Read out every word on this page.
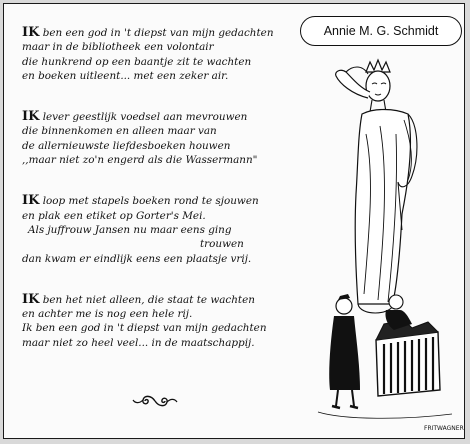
Annie M. G. Schmidt
IK ben een god in 't diepst van mijn gedachten
maar in de bibliotheek een volontair
die hunkrend op een baantje zit te wachten
en boeken uitleent... met een zeker air.
IK lever geestlijk voedsel aan mevrouwen
die binnenkomen en alleen maar van
de allernieuwste liefdesboeken houwen
,,maar niet zo'n engerd als die Wassermann"
IK loop met stapels boeken rond te sjouwen
en plak een etiket op Gorter's Mei.
Als juffrouw Jansen nu maar eens ging
trouwen
dan kwam er eindlijk eens een plaatsje vrij.
IK ben het niet alleen, die staat te wachten
en achter me is nog een hele rij.
Ik ben een god in 't diepst van mijn gedachten
maar niet zo heel veel... in de maatschappij.
FRITWAGNER
